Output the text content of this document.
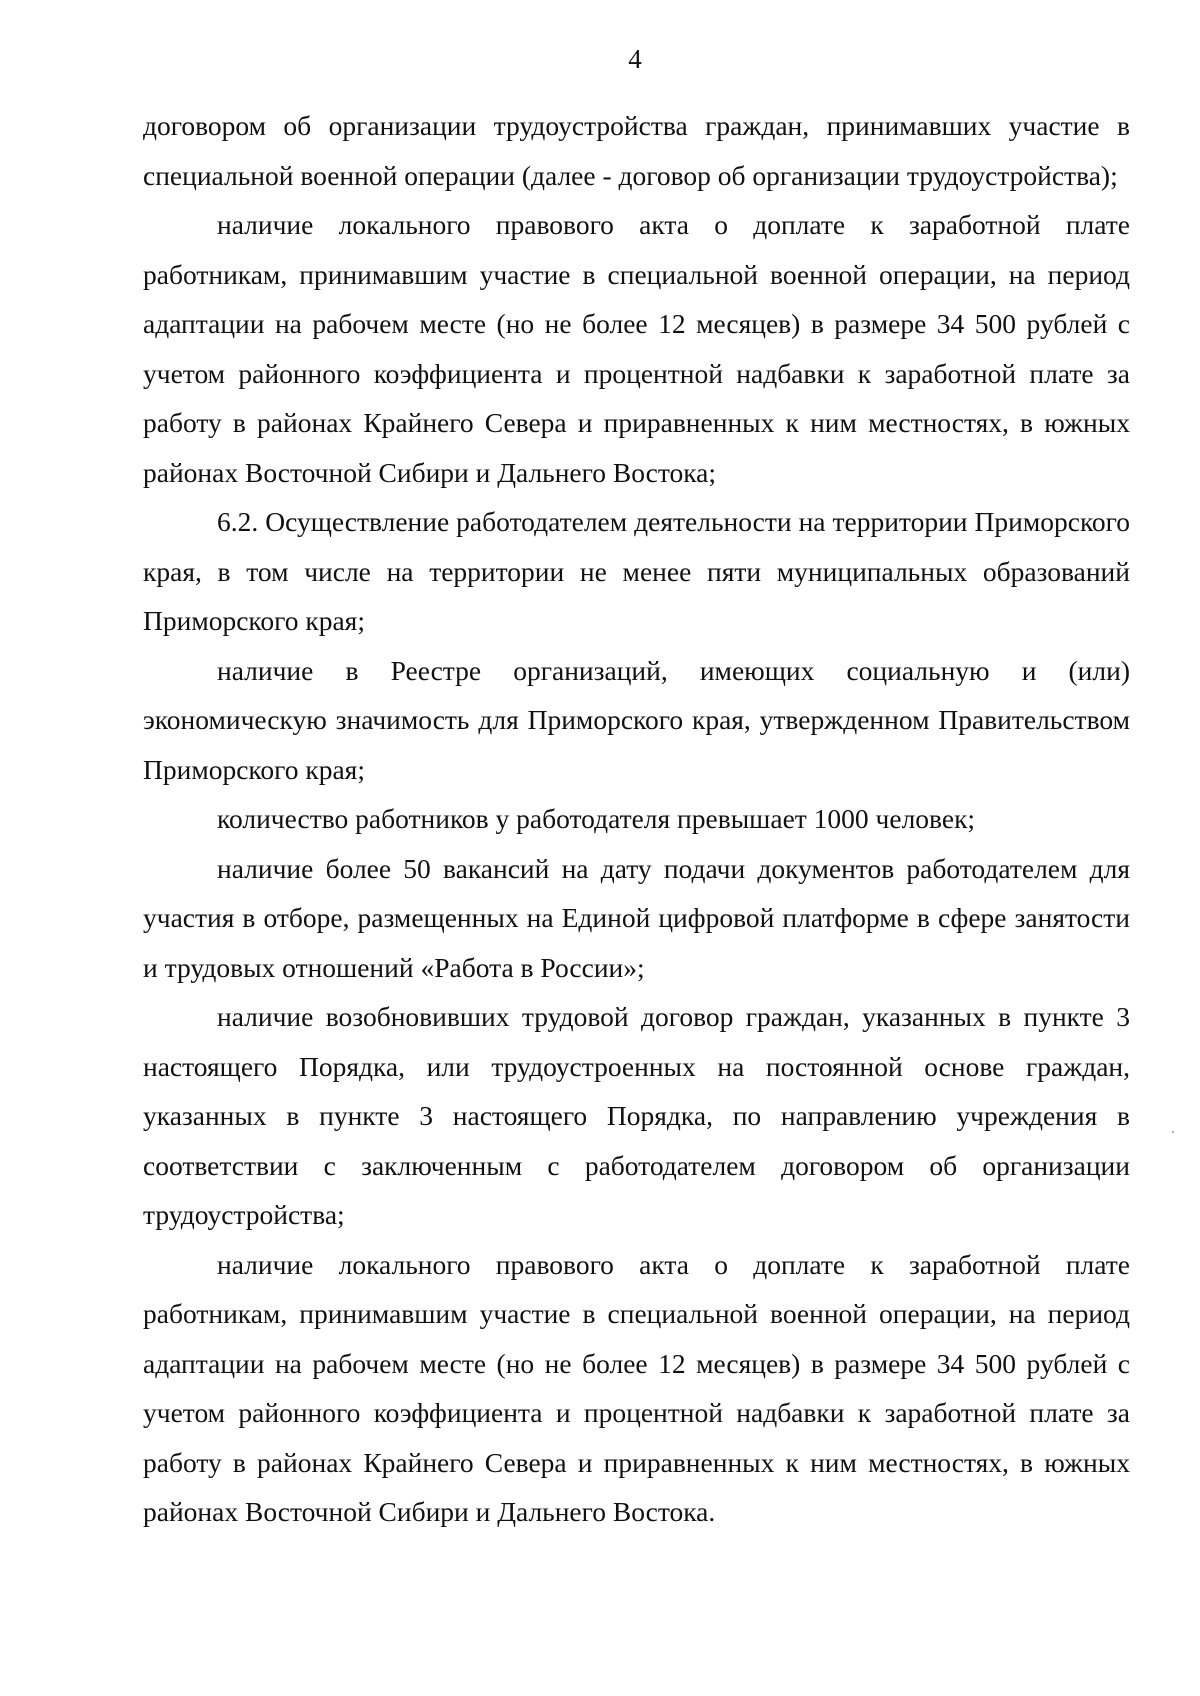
4

договором об организации трудоустройства граждан, принимавших участие в специальной военной операции (далее - договор об организации трудоустройства);

наличие локального правового акта о доплате к заработной плате работникам, принимавшим участие в специальной военной операции, на период адаптации на рабочем месте (но не более 12 месяцев) в размере 34 500 рублей с учетом районного коэффициента и процентной надбавки к заработной плате за работу в районах Крайнего Севера и приравненных к ним местностях, в южных районах Восточной Сибири и Дальнего Востока;

6.2. Осуществление работодателем деятельности на территории Приморского края, в том числе на территории не менее пяти муниципальных образований Приморского края;

наличие в Реестре организаций, имеющих социальную и (или) экономическую значимость для Приморского края, утвержденном Правительством Приморского края;

количество работников у работодателя превышает 1000 человек;

наличие более 50 вакансий на дату подачи документов работодателем для участия в отборе, размещенных на Единой цифровой платформе в сфере занятости и трудовых отношений «Работа в России»;

наличие возобновивших трудовой договор граждан, указанных в пункте 3 настоящего Порядка, или трудоустроенных на постоянной основе граждан, указанных в пункте 3 настоящего Порядка, по направлению учреждения в соответствии с заключенным с работодателем договором об организации трудоустройства;

наличие локального правового акта о доплате к заработной плате работникам, принимавшим участие в специальной военной операции, на период адаптации на рабочем месте (но не более 12 месяцев) в размере 34 500 рублей с учетом районного коэффициента и процентной надбавки к заработной плате за работу в районах Крайнего Севера и приравненных к ним местностях, в южных районах Восточной Сибири и Дальнего Востока.
